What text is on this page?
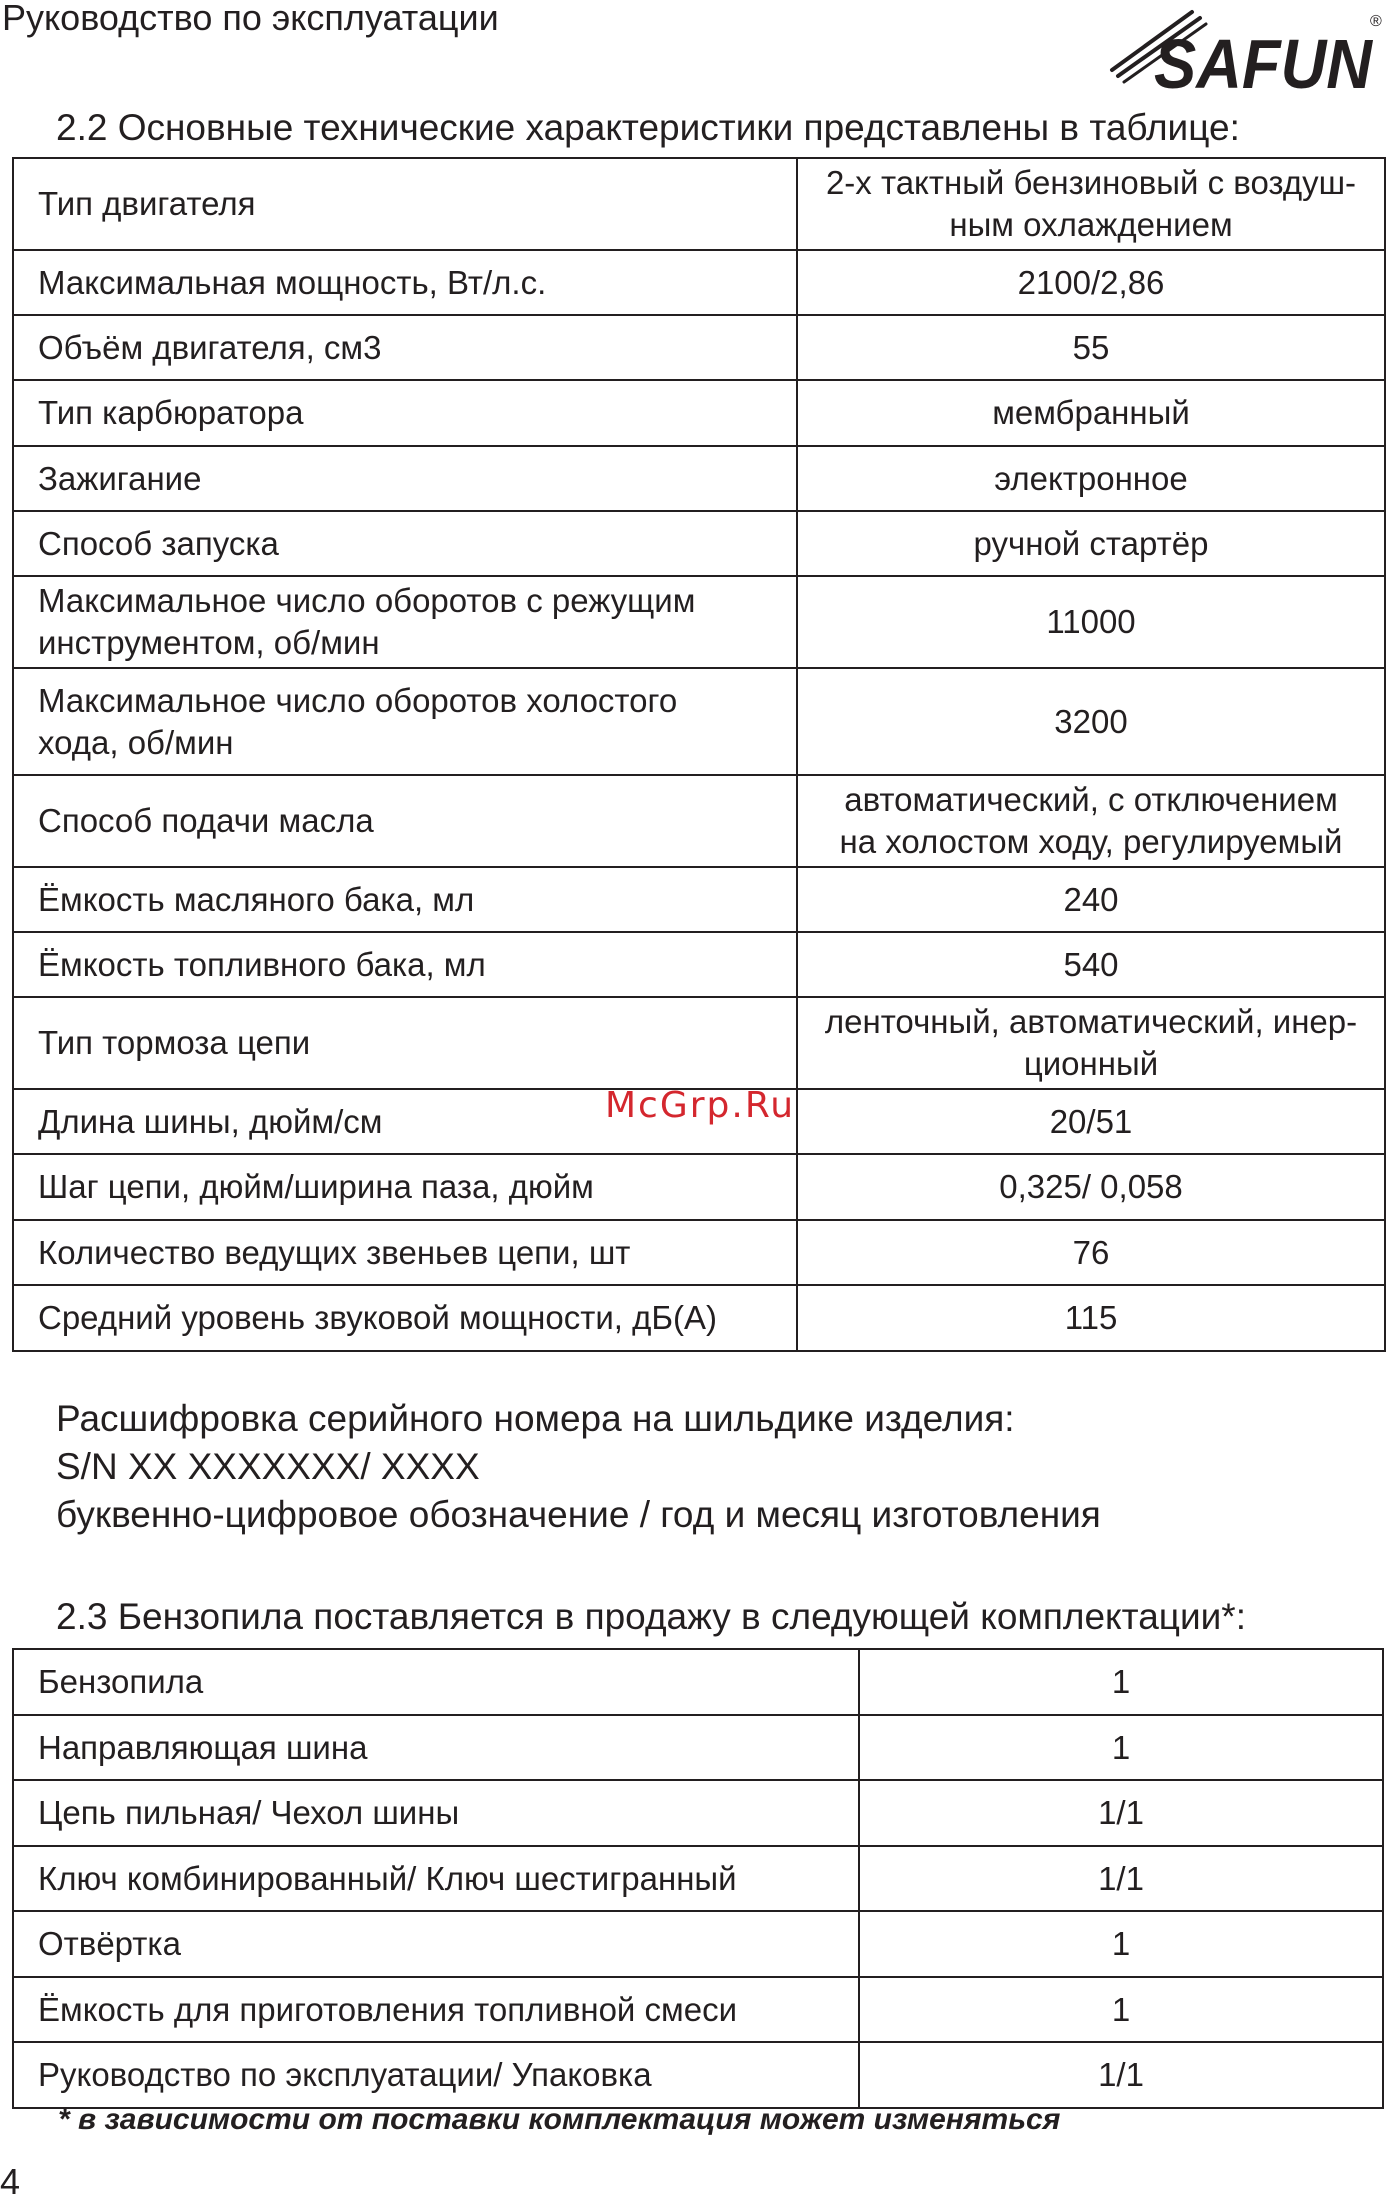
Руководство по эксплуатации
SAFUN
®
2.2 Основные технические характеристики представлены в таблице:
Тип двигателя	2-х тактный бензиновый с воздуш-
ным охлаждением
Максимальная мощность, Вт/л.с.	2100/2,86
Объём двигателя, см3	55
Тип карбюратора	мембранный
Зажигание	электронное
Способ запуска	ручной стартёр
Максимальное число оборотов с режущим
инструментом, об/мин	11000
Максимальное число оборотов холостого
хода, об/мин	3200
Способ подачи масла	автоматический, с отключением
на холостом ходу, регулируемый
Ёмкость масляного бака, мл	240
Ёмкость топливного бака, мл	540
Тип тормоза цепи	ленточный, автоматический, инер-
ционный
Длина шины, дюйм/см	20/51
Шаг цепи, дюйм/ширина паза, дюйм	0,325/ 0,058
Количество ведущих звеньев цепи, шт	76
Средний уровень звуковой мощности, дБ(А)	115
McGrp.Ru
Расшифровка серийного номера на шильдике изделия:
S/N XX XXXXXXX/ XXXX
буквенно-цифровое обозначение / год и месяц изготовления
2.3 Бензопила поставляется в продажу в следующей комплектации*:
Бензопила	1
Направляющая шина	1
Цепь пильная/ Чехол шины	1/1
Ключ комбинированный/ Ключ шестигранный	1/1
Отвёртка	1
Ёмкость для приготовления топливной смеси	1
Руководство по эксплуатации/ Упаковка	1/1
* в зависимости от поставки комплектация может изменяться
4
